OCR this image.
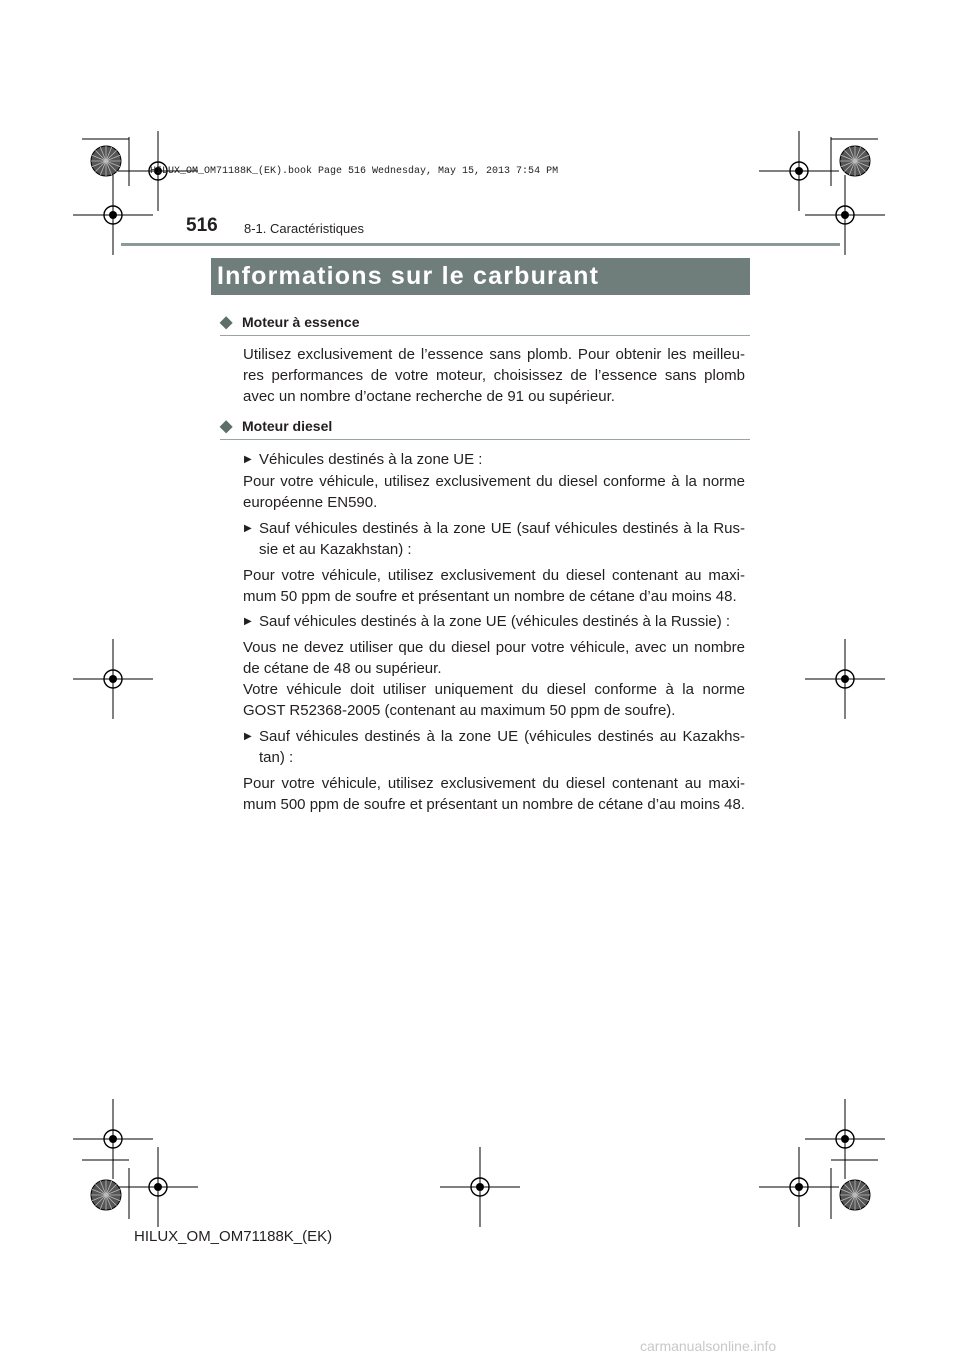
HILUX_OM_OM71188K_(EK).book Page 516 Wednesday, May 15, 2013 7:54 PM
516 8-1. Caractéristiques
Informations sur le carburant
◆ Moteur à essence
Utilisez exclusivement de l’essence sans plomb. Pour obtenir les meilleu-res performances de votre moteur, choisissez de l’essence sans plomb avec un nombre d’octane recherche de 91 ou supérieur.
◆ Moteur diesel
▶ Véhicules destinés à la zone UE :
Pour votre véhicule, utilisez exclusivement du diesel conforme à la norme européenne EN590.
▶ Sauf véhicules destinés à la zone UE (sauf véhicules destinés à la Rus-sie et au Kazakhstan) :
Pour votre véhicule, utilisez exclusivement du diesel contenant au maxi-mum 50 ppm de soufre et présentant un nombre de cétane d’au moins 48.
▶ Sauf véhicules destinés à la zone UE (véhicules destinés à la Russie) :
Vous ne devez utiliser que du diesel pour votre véhicule, avec un nombre de cétane de 48 ou supérieur.
Votre véhicule doit utiliser uniquement du diesel conforme à la norme GOST R52368-2005 (contenant au maximum 50 ppm de soufre).
▶ Sauf véhicules destinés à la zone UE (véhicules destinés au Kazakhs-tan) :
Pour votre véhicule, utilisez exclusivement du diesel contenant au maxi-mum 500 ppm de soufre et présentant un nombre de cétane d’au moins 48.
HILUX_OM_OM71188K_(EK)
carmanualsonline.info
